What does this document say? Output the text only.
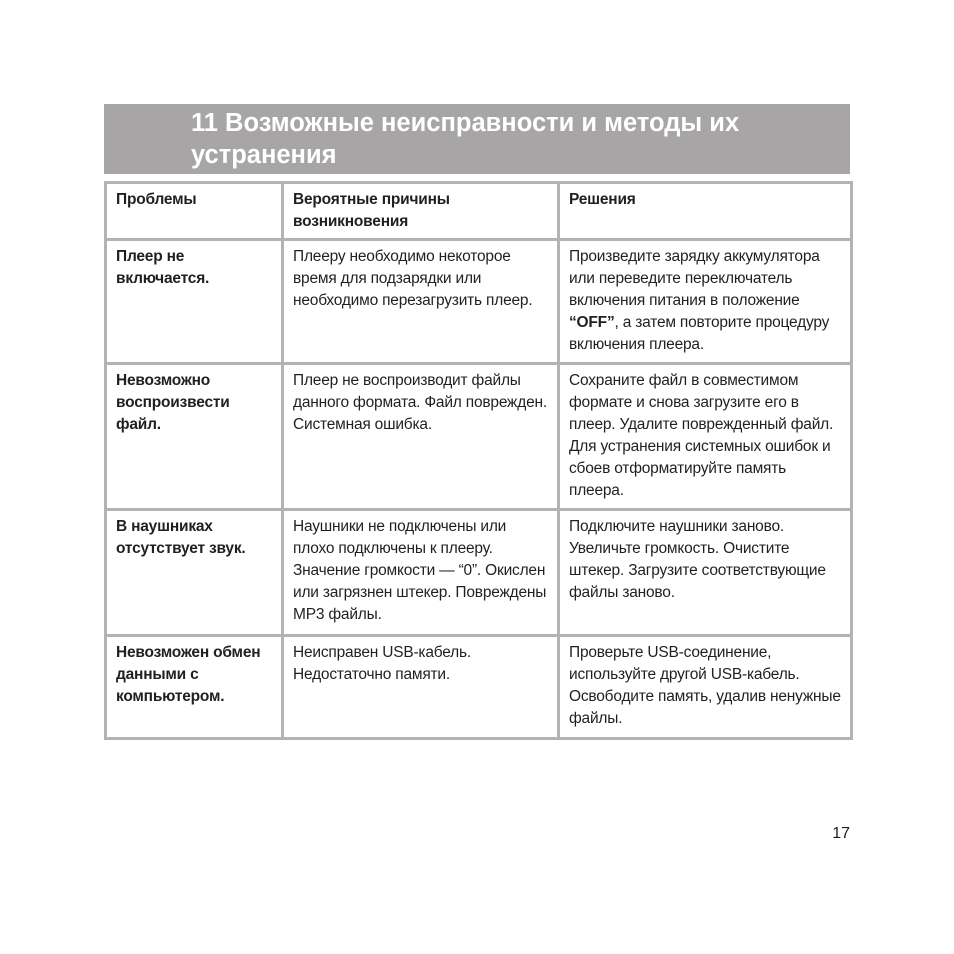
11 Возможные неисправности и методы их устранения
Проблемы	Вероятные причины возникновения	Решения
Плеер не включается.	Плееру необходимо некоторое время для подзарядки или необходимо перезагрузить плеер.	Произведите зарядку аккумулятора или переведите переключатель включения питания в положение “OFF”, а затем повторите процедуру включения плеера.
Невозможно воспроизвести файл.	Плеер не воспроизводит файлы данного формата. Файл поврежден. Системная ошибка.	Сохраните файл в совместимом формате и снова загрузите его в плеер. Удалите поврежденный файл. Для устранения системных ошибок и сбоев отформатируйте память плеера.
В наушниках отсутствует звук.	Наушники не подключены или плохо подключены к плееру. Значение громкости — “0”. Окислен или загрязнен штекер. Повреждены MP3 файлы.	Подключите наушники заново. Увеличьте громкость. Очистите штекер. Загрузите соответствующие файлы заново.
Невозможен обмен данными с компьютером.	Неисправен USB-кабель. Недостаточно памяти.	Проверьте USB-соединение, используйте другой USB-кабель. Освободите память, удалив ненужные файлы.
17
